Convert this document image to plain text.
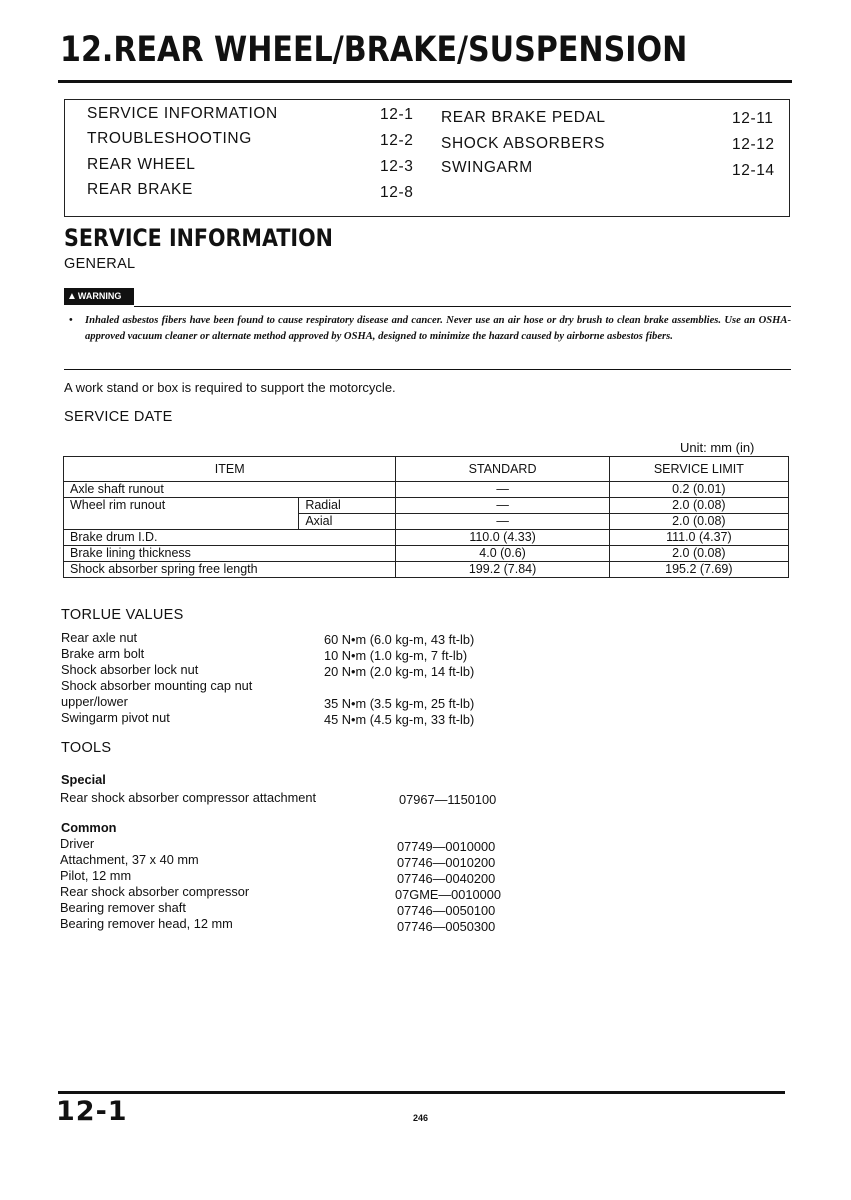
12.REAR WHEEL/BRAKE/SUSPENSION
SERVICE INFORMATION	12-1
TROUBLESHOOTING	12-2
REAR WHEEL	12-3
REAR BRAKE	12-8
REAR BRAKE PEDAL	12-11
SHOCK ABSORBERS	12-12
SWINGARM	12-14
SERVICE INFORMATION
GENERAL
▲WARNING
•	Inhaled asbestos fibers have been found to cause respiratory disease and cancer. Never use an air hose or dry brush to clean brake assemblies. Use an OSHA-approved vacuum cleaner or alternate method approved by OSHA, designed to minimize the hazard caused by airborne asbestos fibers.
A work stand or box is required to support the motorcycle.
SERVICE DATE
Unit: mm (in)
ITEM		STANDARD	SERVICE LIMIT
Axle shaft runout		—	0.2 (0.01)
Wheel rim runout	Radial	—	2.0 (0.08)
	Axial	—	2.0 (0.08)
Brake drum I.D.		110.0 (4.33)	111.0 (4.37)
Brake lining thickness		4.0 (0.6)	2.0 (0.08)
Shock absorber spring free length		199.2 (7.84)	195.2 (7.69)
TORLUE VALUES
Rear axle nut	60 N•m (6.0 kg-m, 43 ft-lb)
Brake arm bolt	10 N•m (1.0 kg-m, 7 ft-lb)
Shock absorber lock nut	20 N•m (2.0 kg-m, 14 ft-lb)
Shock absorber mounting cap nut
upper/lower	35 N•m (3.5 kg-m, 25 ft-lb)
Swingarm pivot nut	45 N•m (4.5 kg-m, 33 ft-lb)
TOOLS
Special
Rear shock absorber compressor attachment	07967—1150100
Common
Driver	07749—0010000
Attachment, 37 x 40 mm	07746—0010200
Pilot, 12 mm	07746—0040200
Rear shock absorber compressor	07GME—0010000
Bearing remover shaft	07746—0050100
Bearing remover head, 12 mm	07746—0050300
12-1	246
